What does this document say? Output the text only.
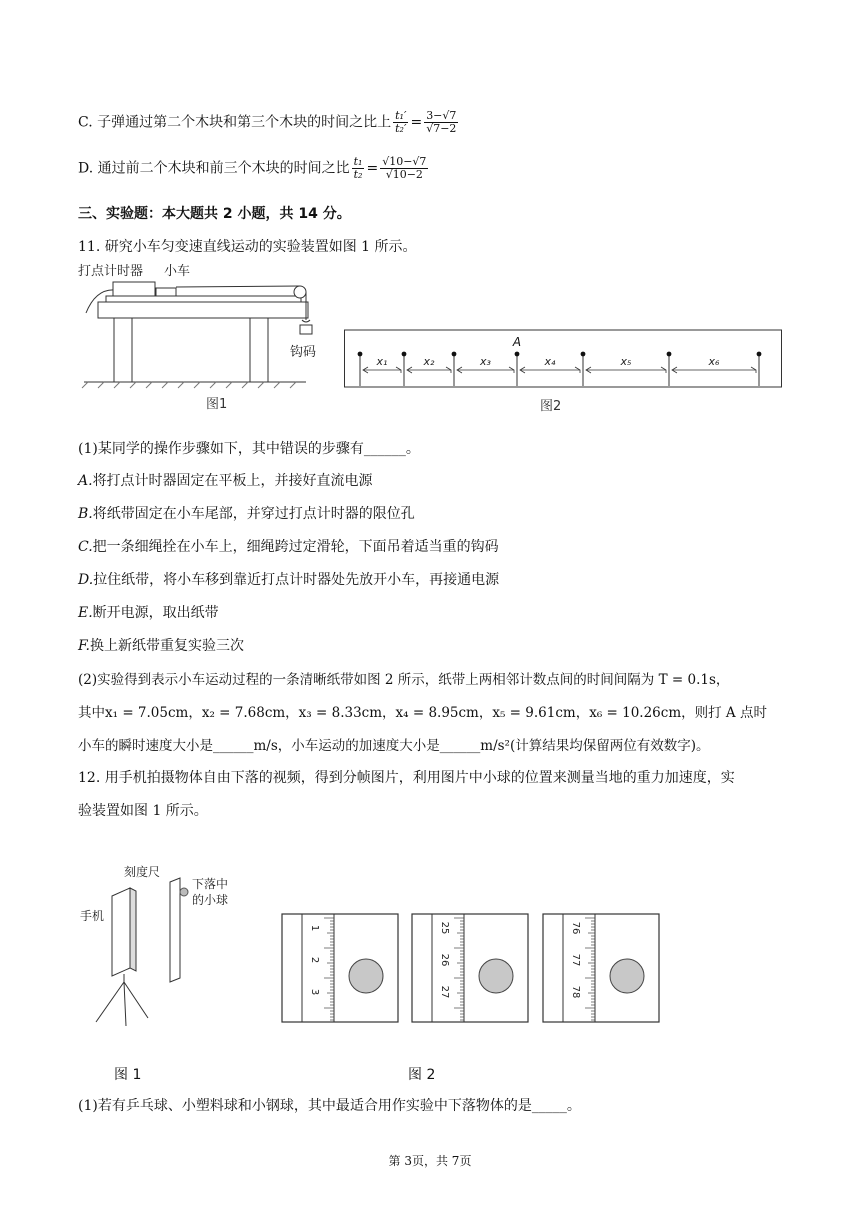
C. 子弹通过第二个木块和第三个木块的时间之比上 $\frac{\text{t₁′}}{\text{t₂′}} = \frac{3-√7}{√7-2}$
D. 通过前二个木块和前三个木块的时间之比 $\frac{\text{t₁}}{\text{t₂}} = \frac{√10-√7}{√10-2}$
三、实验题：本大题共 2 小题，共 14 分。
11. 研究小车匀变速直线运动的实验装置如图 1 所示。
打点计时器 小车
钩码
图1
x₁	x₂	x₃	x₄	x₅	x₆
A
图2
(1)某同学的操作步骤如下，其中错误的步骤有______。
A.将打点计时器固定在平板上，并接好直流电源
B.将纸带固定在小车尾部，并穿过打点计时器的限位孔
C.把一条细绳拴在小车上，细绳跨过定滑轮，下面吊着适当重的钩码
D.拉住纸带，将小车移到靠近打点计时器处先放开小车，再接通电源
E.断开电源，取出纸带
F.换上新纸带重复实验三次
(2)实验得到表示小车运动过程的一条清晰纸带如图 2 所示，纸带上两相邻计数点间的时间间隔为 T = 0.1s，
其中x₁ = 7.05cm，x₂ = 7.68cm，x₃ = 8.33cm，x₄ = 8.95cm，x₅ = 9.61cm，x₆ = 10.26cm，则打 A 点时
小车的瞬时速度大小是______m/s，小车运动的加速度大小是______m/s²(计算结果均保留两位有效数字)。
12. 用手机拍摄物体自由下落的视频，得到分帧图片，利用图片中小球的位置来测量当地的重力加速度，实
验装置如图 1 所示。
刻度尺
下落中
的小球
手机
图 1
1
2
3
25
26
27
76
77
78
图 2
(1)若有乒乓球、小塑料球和小钢球，其中最适合用作实验中下落物体的是_____。
第 3页，共 7页
